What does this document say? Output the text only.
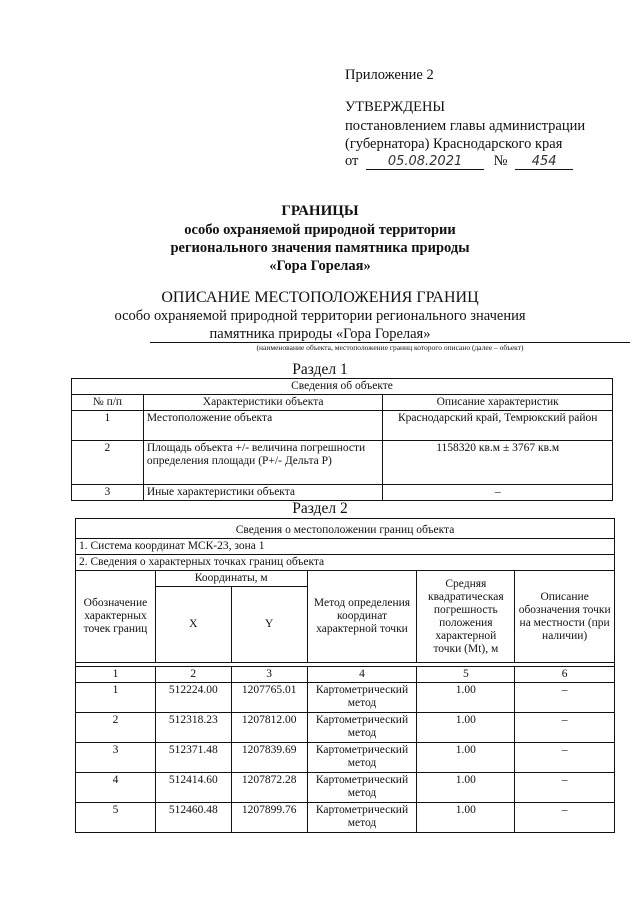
Приложение 2
УТВЕРЖДЕНЫ
постановлением главы администрации
(губернатора) Краснодарского края
от 05.08.2021 № 454
ГРАНИЦЫ
особо охраняемой природной территории
регионального значения памятника природы
«Гора Горелая»
ОПИСАНИЕ МЕСТОПОЛОЖЕНИЯ ГРАНИЦ
особо охраняемой природной территории регионального значения
памятника природы «Гора Горелая»
(наименование объекта, местоположение границ которого описано (далее – объект)
Раздел 1
Сведения об объекте		
№ п/п	Характеристики объекта	Описание характеристик
1	Местоположение объекта	Краснодарский край, Темрюкский район
2	Площадь объекта +/- величина погрешности определения площади (Р+/- Дельта Р)	1158320 кв.м ± 3767 кв.м
3	Иные характеристики объекта	–
Раздел 2
Сведения о местоположении границ объекта					
1. Система координат МСК-23, зона 1					
2. Сведения о характерных точках границ объекта					
Обозначение характерных точек границ	Координаты, м		Метод определения координат характерной точки	Средняя квадратическая погрешность положения характерной точки (Mt), м	Описание обозначения точки на местности (при наличии)
	X	Y			

1	2	3	4	5	6
1	512224.00	1207765.01	Картометрический метод	1.00	–
2	512318.23	1207812.00	Картометрический метод	1.00	–
3	512371.48	1207839.69	Картометрический метод	1.00	–
4	512414.60	1207872.28	Картометрический метод	1.00	–
5	512460.48	1207899.76	Картометрический метод	1.00	–
